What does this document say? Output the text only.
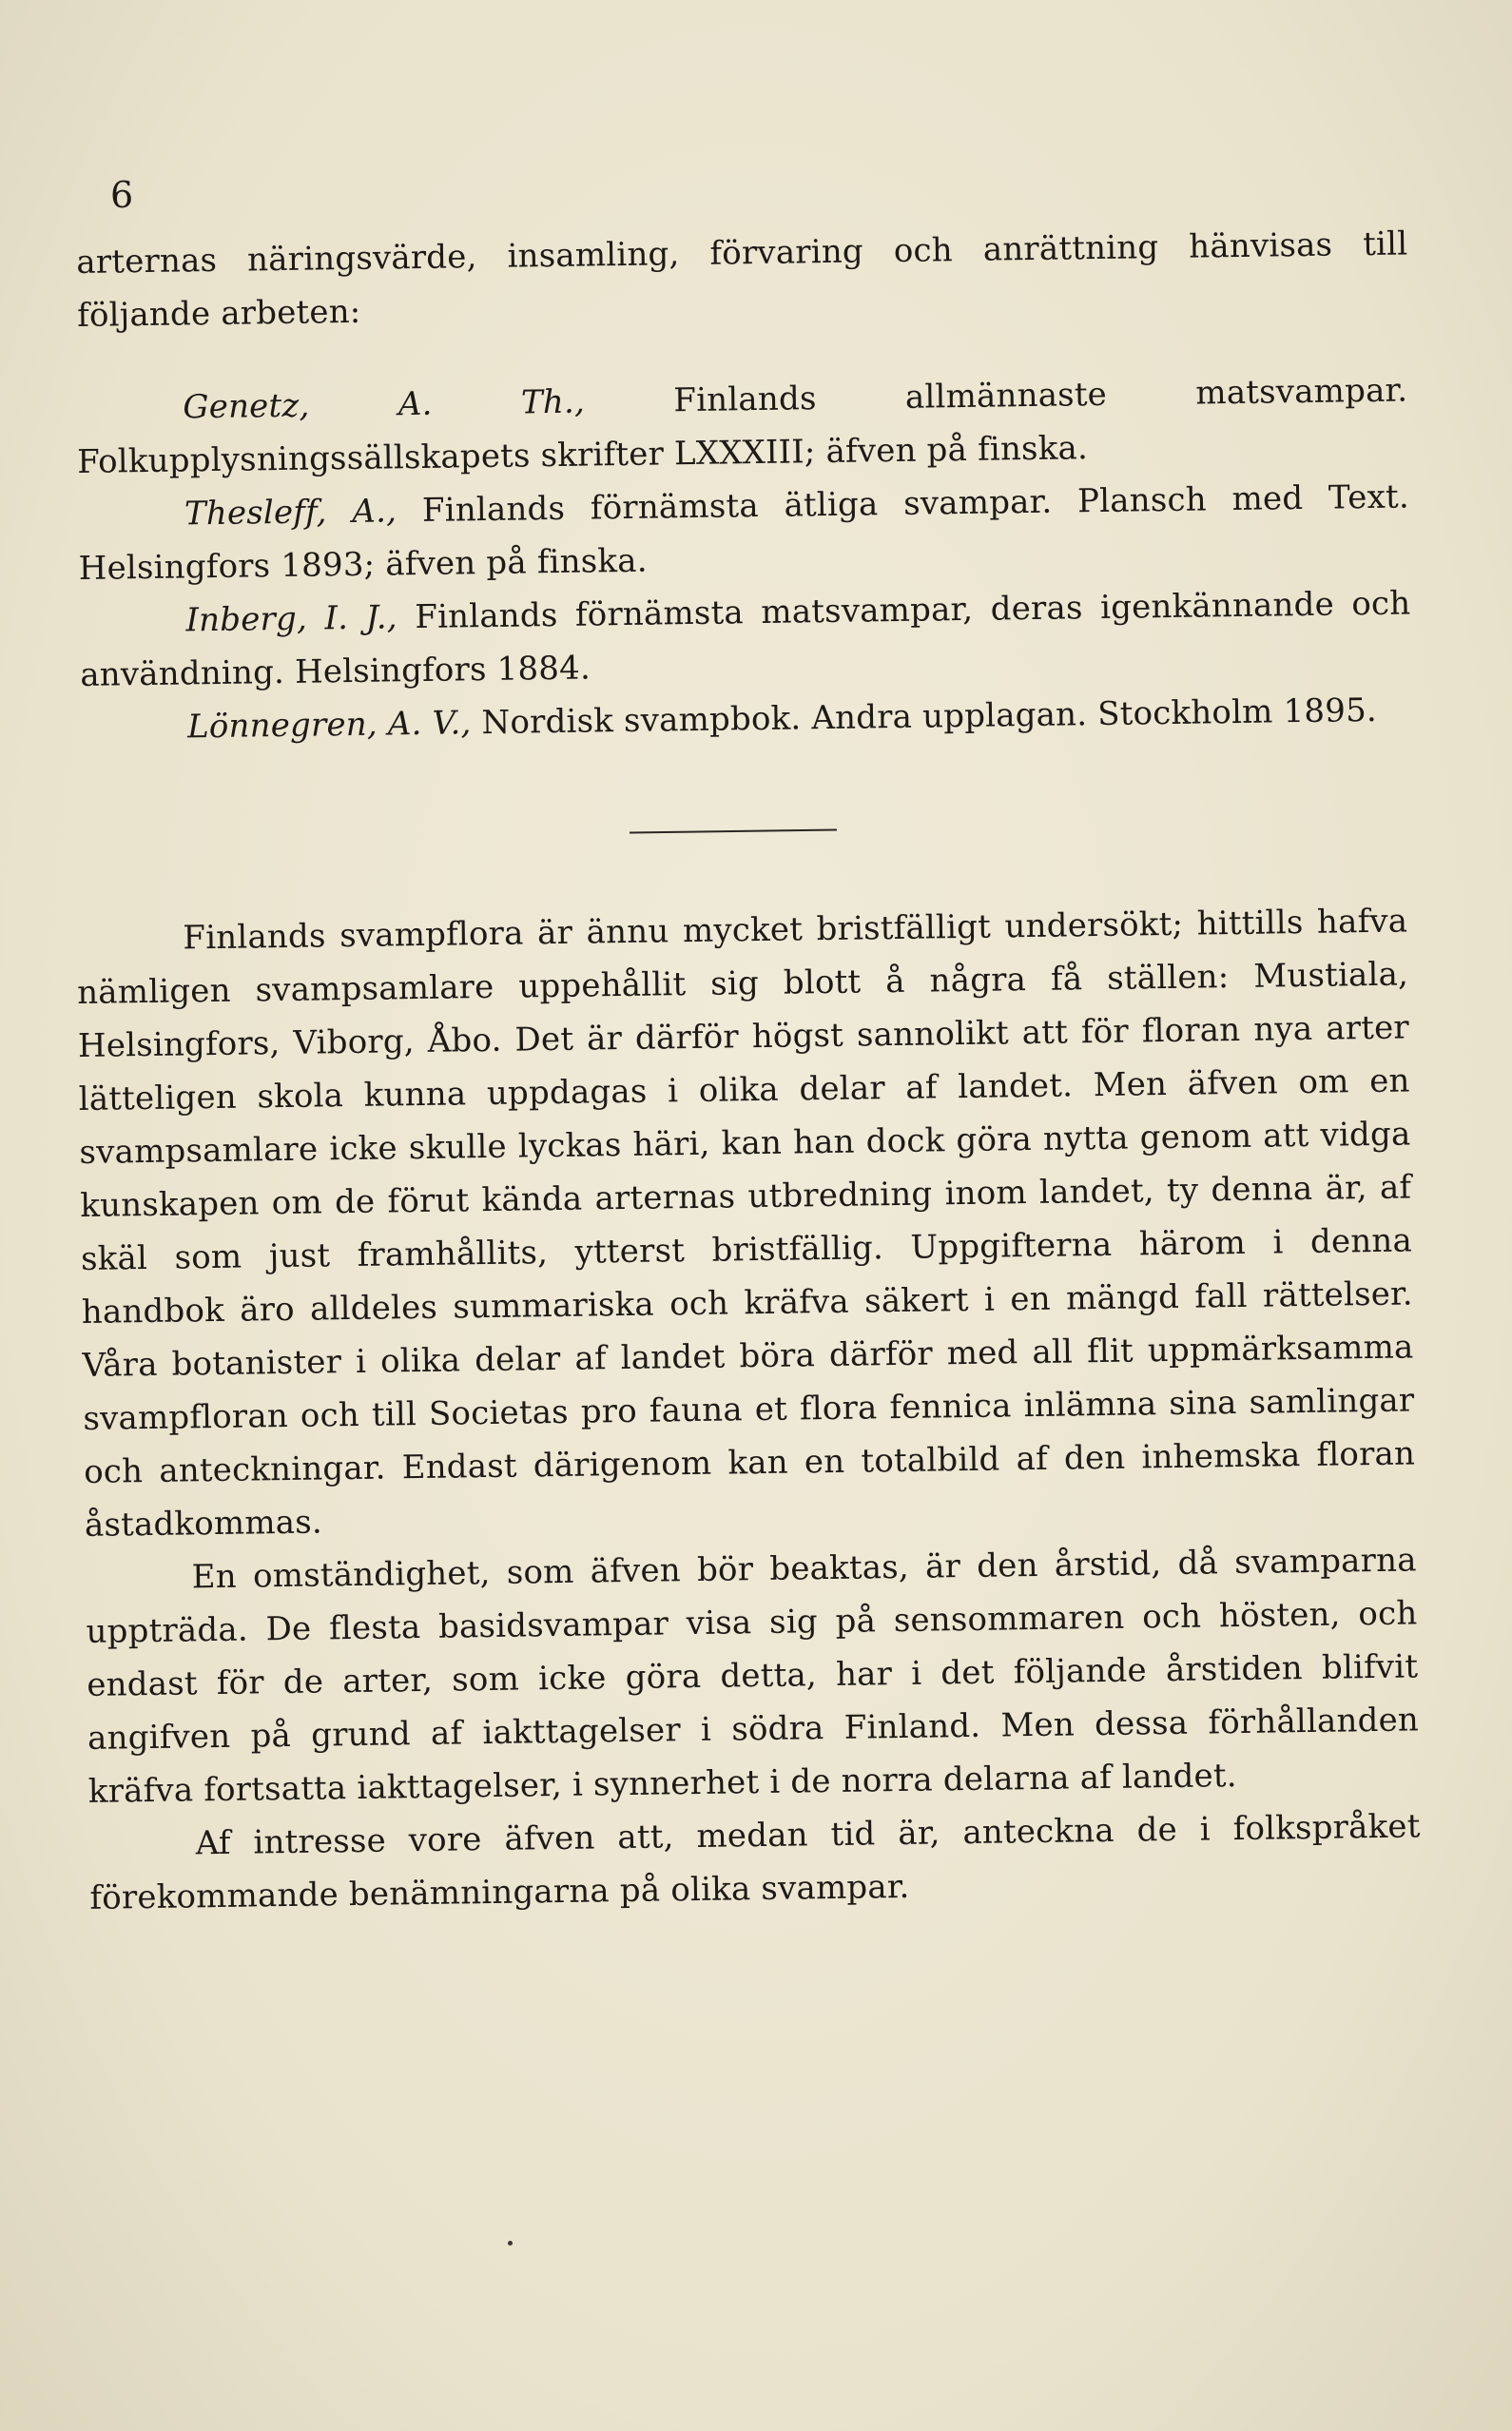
6

arternas näringsvärde, insamling, förvaring och anrättning hänvisas till följande arbeten:

Genetz, A. Th., Finlands allmännaste matsvampar. Folkupplysningssällskapets skrifter LXXXIII; äfven på finska.

Thesleff, A., Finlands förnämsta ätliga svampar. Plansch med Text. Helsingfors 1893; äfven på finska.

Inberg, I. J., Finlands förnämsta matsvampar, deras igenkännande och användning. Helsingfors 1884.

Lönnegren, A. V., Nordisk svampbok. Andra upplagan. Stockholm 1895.

Finlands svampflora är ännu mycket bristfälligt undersökt; hittills hafva nämligen svampsamlare uppehållit sig blott å några få ställen: Mustiala, Helsingfors, Viborg, Åbo. Det är därför högst sannolikt att för floran nya arter lätteligen skola kunna uppdagas i olika delar af landet. Men äfven om en svampsamlare icke skulle lyckas häri, kan han dock göra nytta genom att vidga kunskapen om de förut kända arternas utbredning inom landet, ty denna är, af skäl som just framhållits, ytterst bristfällig. Uppgifterna härom i denna handbok äro alldeles summariska och kräfva säkert i en mängd fall rättelser. Våra botanister i olika delar af landet böra därför med all flit uppmärksamma svampfloran och till Societas pro fauna et flora fennica inlämna sina samlingar och anteckningar. Endast därigenom kan en totalbild af den inhemska floran åstadkommas.

En omständighet, som äfven bör beaktas, är den årstid, då svamparna uppträda. De flesta basidsvampar visa sig på sensommaren och hösten, och endast för de arter, som icke göra detta, har i det följande årstiden blifvit angifven på grund af iakttagelser i södra Finland. Men dessa förhållanden kräfva fortsatta iakttagelser, i synnerhet i de norra delarna af landet.

Af intresse vore äfven att, medan tid är, anteckna de i folkspråket förekommande benämningarna på olika svampar.
